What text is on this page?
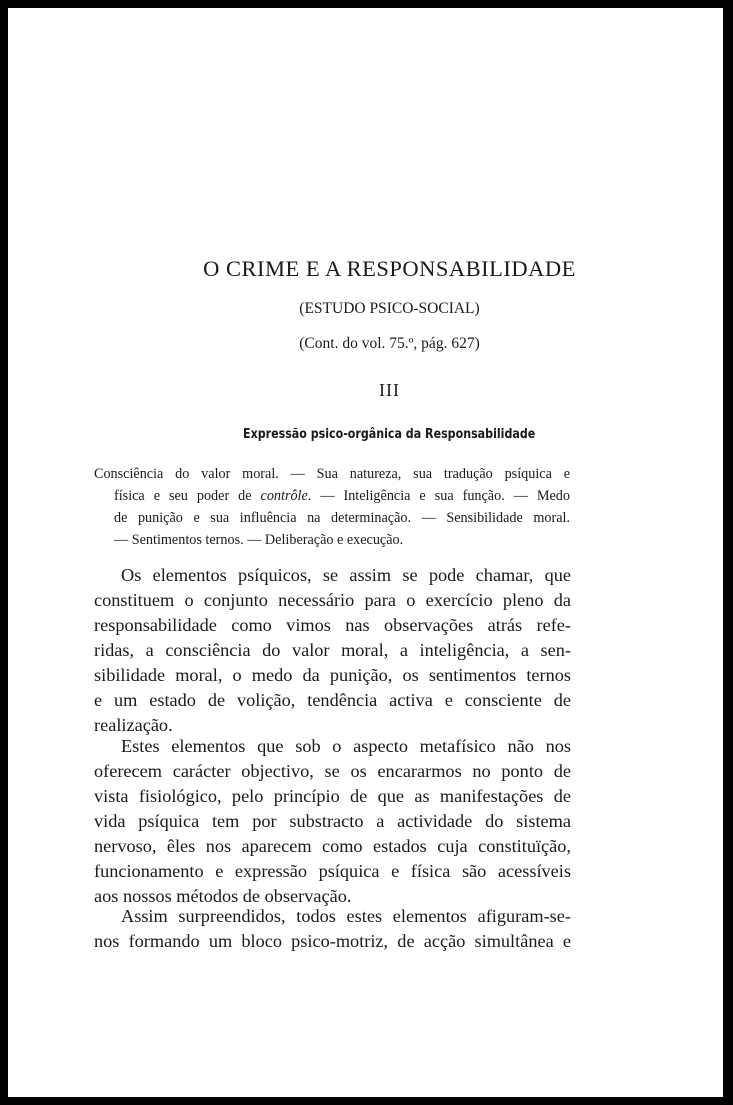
O CRIME E A RESPONSABILIDADE
(ESTUDO PSICO-SOCIAL)
(Cont. do vol. 75.º, pág. 627)
III
Expressão psico-orgânica da Responsabilidade
Consciência do valor moral. — Sua natureza, sua tradução psíquica e
física e seu poder de contrôle. — Inteligência e sua função. — Medo
de punição e sua influência na determinação. — Sensibilidade moral.
— Sentimentos ternos. — Deliberação e execução.
Os elementos psíquicos, se assim se pode chamar, que
constituem o conjunto necessário para o exercício pleno da
responsabilidade como vimos nas observações atrás refe-
ridas, a consciência do valor moral, a inteligência, a sen-
sibilidade moral, o medo da punição, os sentimentos ternos
e um estado de volição, tendência activa e consciente de
realização.
Estes elementos que sob o aspecto metafísico não nos
oferecem carácter objectivo, se os encararmos no ponto de
vista fisiológico, pelo princípio de que as manifestações de
vida psíquica tem por substracto a actividade do sistema
nervoso, êles nos aparecem como estados cuja constituïção,
funcionamento e expressão psíquica e física são acessíveis
aos nossos métodos de observação.
Assim surpreendidos, todos estes elementos afiguram-se-
nos formando um bloco psico-motriz, de acção simultânea e
